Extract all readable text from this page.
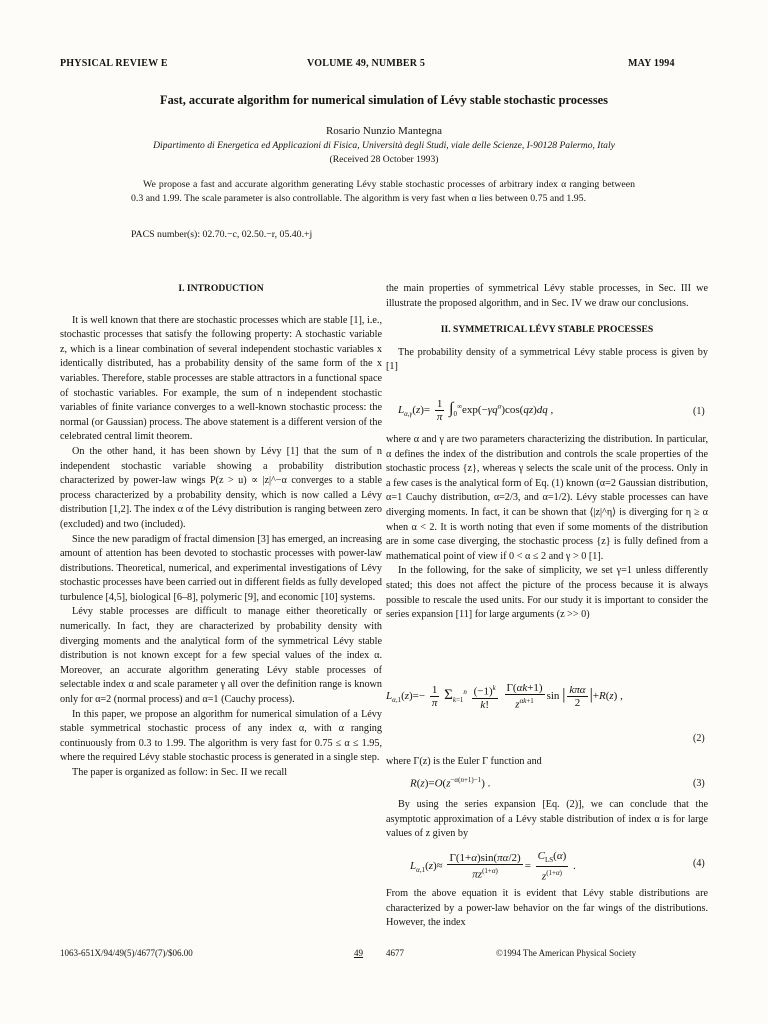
PHYSICAL REVIEW E	VOLUME 49, NUMBER 5	MAY 1994
Fast, accurate algorithm for numerical simulation of Lévy stable stochastic processes
Rosario Nunzio Mantegna
Dipartimento di Energetica ed Applicazioni di Fisica, Università degli Studi, viale delle Scienze, I-90128 Palermo, Italy
(Received 28 October 1993)
We propose a fast and accurate algorithm generating Lévy stable stochastic processes of arbitrary index α ranging between 0.3 and 1.99. The scale parameter is also controllable. The algorithm is very fast when α lies between 0.75 and 1.95.
PACS number(s): 02.70.−c, 02.50.−r, 05.40.+j

I. INTRODUCTION

It is well known that there are stochastic processes which are stable [1], i.e., stochastic processes that satisfy the following property: A stochastic variable z, which is a linear combination of several independent stochastic variables x identically distributed, has a probability density of the same form of the x variables. Therefore, stable processes are stable attractors in a functional space of stochastic variables. For example, the sum of n independent stochastic variables of finite variance converges to a well-known stochastic process: the normal (or Gaussian) process. The above statement is a different version of the celebrated central limit theorem.

On the other hand, it has been shown by Lévy [1] that the sum of n independent stochastic variable showing a probability distribution characterized by power-law wings P(z > u) ∝ |z|^−α converges to a stable process characterized by a probability density, which is now called a Lévy distribution [1,2]. The index α of the Lévy distribution is ranging between zero (excluded) and two (included).

Since the new paradigm of fractal dimension [3] has emerged, an increasing amount of attention has been devoted to stochastic processes with power-law distributions. Theoretical, numerical, and experimental investigations of Lévy stochastic processes have been carried out in different fields as fully developed turbulence [4,5], biological [6–8], polymeric [9], and economic [10] systems.

Lévy stable processes are difficult to manage either theoretically or numerically. In fact, they are characterized by probability density with diverging moments and the analytical form of the symmetrical Lévy stable distribution is not known except for a few special values of the index α. Moreover, an accurate algorithm generating Lévy stable processes of selectable index α and scale parameter γ all over the definition range is known only for α=2 (normal process) and α=1 (Cauchy process).

In this paper, we propose an algorithm for numerical simulation of a Lévy stable symmetrical stochastic process of any index α, with α ranging continuously from 0.3 to 1.99. The algorithm is very fast for 0.75 ≤ α ≤ 1.95, where the required Lévy stable stochastic process is generated in a single step.

The paper is organized as follow: in Sec. II we recall

the main properties of symmetrical Lévy stable processes, in Sec. III we illustrate the proposed algorithm, and in Sec. IV we draw our conclusions.

II. SYMMETRICAL LÉVY STABLE PROCESSES

The probability density of a symmetrical Lévy stable process is given by [1]

$L_{\alpha,\gamma}(z)= \frac{1}{\pi} \int_0^\infty\exp(-\gamma q^\alpha)\cos(qz)dq$ ,	(1)

where α and γ are two parameters characterizing the distribution. In particular, α defines the index of the distribution and controls the scale properties of the stochastic process {z}, whereas γ selects the scale unit of the process. Only in a few cases is the analytical form of Eq. (1) known (α=2 Gaussian distribution, α=1 Cauchy distribution, α=2/3, and α=1/2). Lévy stable processes can have diverging moments. In fact, it can be shown that ⟨|z|^η⟩ is diverging for η ≥ α when α < 2. It is worth noting that even if some moments of the distribution are in some case diverging, the stochastic process {z} is fully defined from a mathematical point of view if 0 < α ≤ 2 and γ > 0 [1].

In the following, for the sake of simplicity, we set γ=1 unless differently stated; this does not affect the picture of the process because it is always possible to rescale the used units. For our study it is important to consider the series expansion [11] for large arguments (z >> 0)

$L_{\alpha,1}(z)=- \frac{1}{\pi} \Sigma_{k=1}^n \frac{(-1)^k}{k!}$
$\frac{\Gamma(\alpha k+1)}{z^{\alpha k+1}}$ sin | $\frac{\text{kπα}}{2} |+R(z)$ ,
(2)

where Γ(z) is the Euler Γ function and

$R(z)=O(z^{-\alpha(n+1)-1})$ .	(3)

By using the series expansion [Eq. (2)], we can conclude that the asymptotic approximation of a Lévy stable distribution of index α is for large values of z given by

$L_{\alpha,1}(z)\approx \frac{\Gamma(1+\alpha)\sin(\pi\alpha/2)}{\pi z^{(1+\alpha)}} = \frac{C_{LS}(\alpha)}{z^{(1+\alpha)}}$ .	(4)

From the above equation it is evident that Lévy stable distributions are characterized by a power-law behavior on the far wings of the distributions. However, the index

1063-651X/94/49(5)/4677(7)/$06.00	49	4677	©1994 The American Physical Society
